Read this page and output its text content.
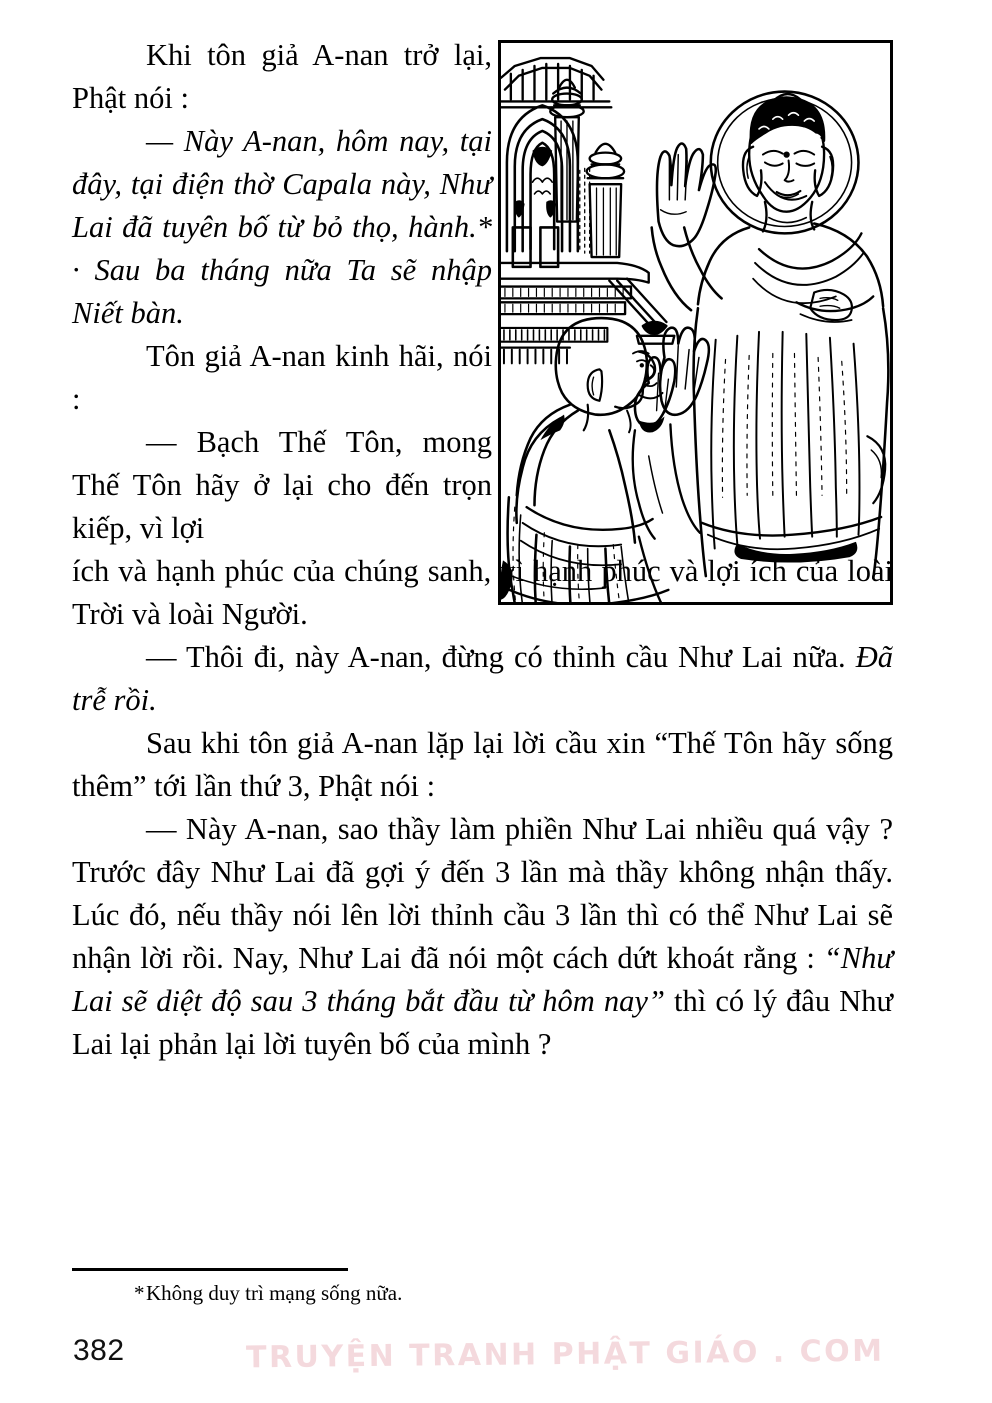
Khi tôn giả A-nan trở lại, Phật nói :

— Này A-nan, hôm nay, tại đây, tại điện thờ Capala này, Như Lai đã tuyên bố từ bỏ thọ, hành.* · Sau ba tháng nữa Ta sẽ nhập Niết bàn.

Tôn giả A-nan kinh hãi, nói :

— Bạch Thế Tôn, mong Thế Tôn hãy ở lại cho đến trọn kiếp, vì lợi

ích và hạnh phúc của chúng sanh, vì hạnh phúc và lợi ích của loài Trời và loài Người.

— Thôi đi, này A-nan, đừng có thỉnh cầu Như Lai nữa. Đã trễ rồi.

Sau khi tôn giả A-nan lặp lại lời cầu xin “Thế Tôn hãy sống thêm” tới lần thứ 3, Phật nói :

— Này A-nan, sao thầy làm phiền Như Lai nhiều quá vậy ? Trước đây Như Lai đã gợi ý đến 3 lần mà thầy không nhận thấy. Lúc đó, nếu thầy nói lên lời thỉnh cầu 3 lần thì có thể Như Lai sẽ nhận lời rồi. Nay, Như Lai đã nói một cách dứt khoát rằng : “Như Lai sẽ diệt độ sau 3 tháng bắt đầu từ hôm nay” thì có lý đâu Như Lai lại phản lại lời tuyên bố của mình ?

*Không duy trì mạng sống nữa.
382	TRUYỆN TRANH PHẬT GIÁO . COM
